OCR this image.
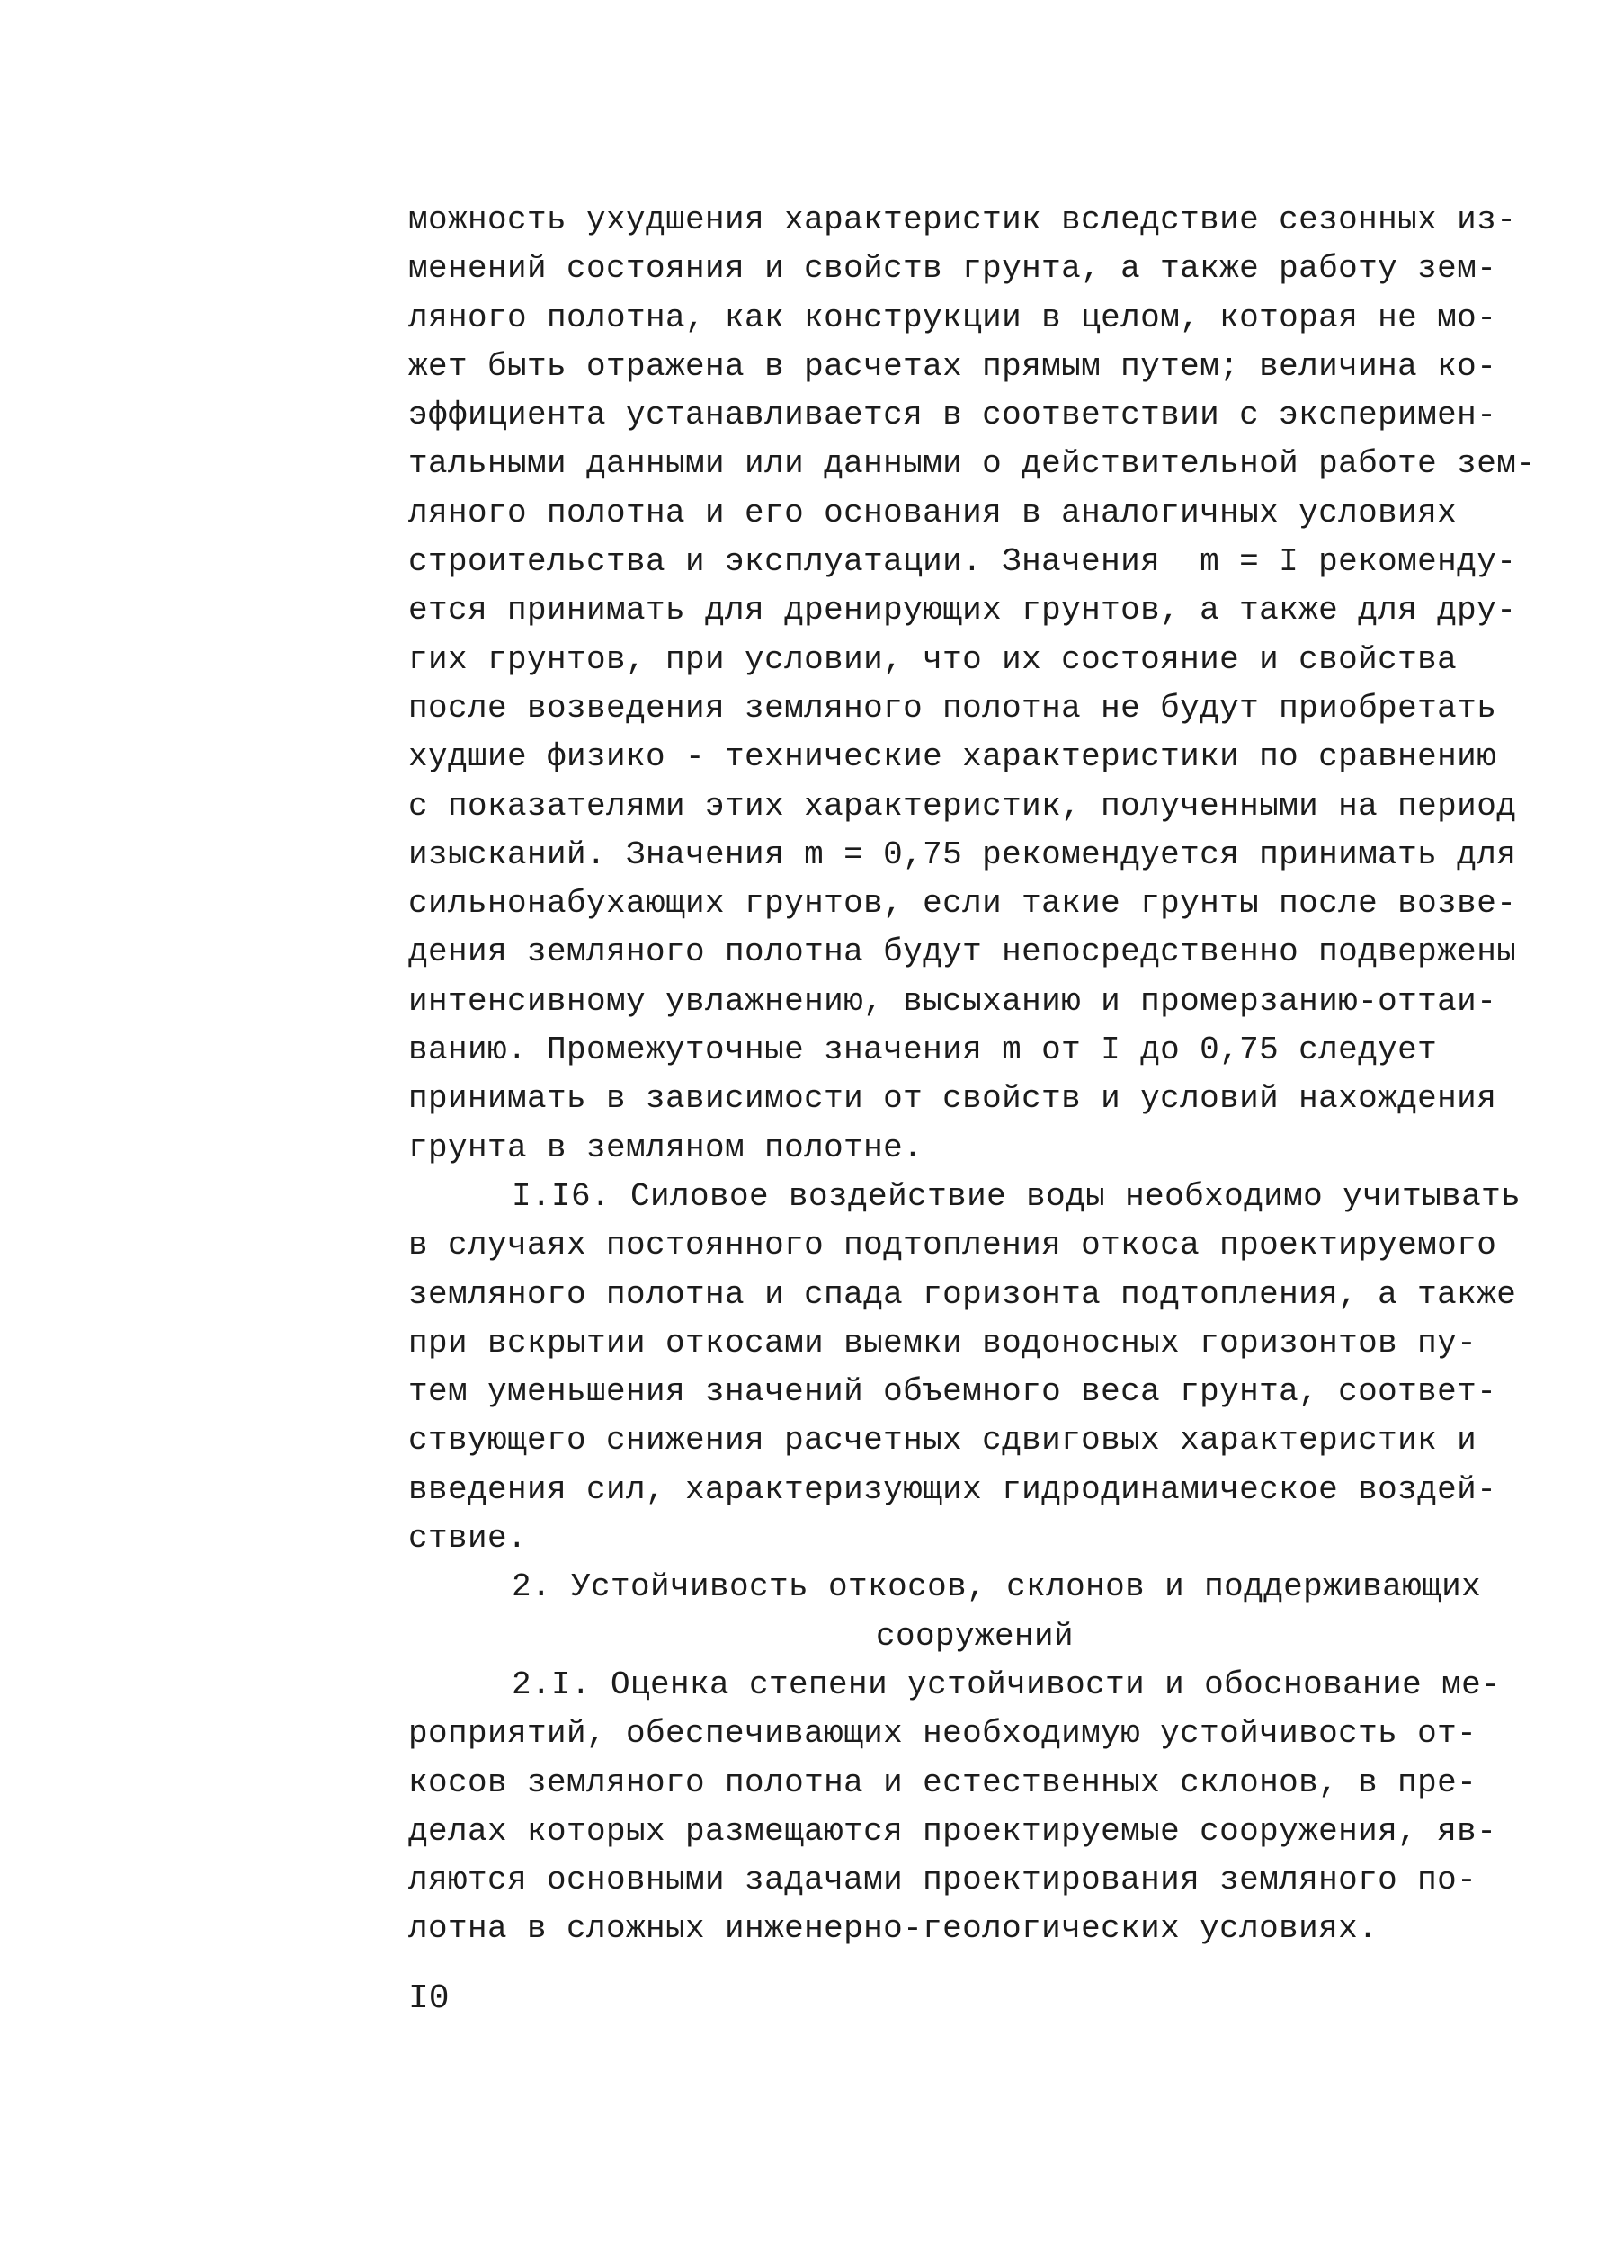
можность ухудшения характеристик вследствие сезонных из-
менений состояния и свойств грунта, а также работу зем-
ляного полотна, как конструкции в целом, которая не мо-
жет быть отражена в расчетах прямым путем; величина ко-
эффициента устанавливается в соответствии с эксперимен-
тальными данными или данными о действительной работе зем-
ляного полотна и его основания в аналогичных условиях
строительства и эксплуатации. Значения  m = I рекоменду-
ется принимать для дренирующих грунтов, а также для дру-
гих грунтов, при условии, что их состояние и свойства
после возведения земляного полотна не будут приобретать
худшие физико - технические характеристики по сравнению
с показателями этих характеристик, полученными на период
изысканий. Значения m = 0,75 рекомендуется принимать для
сильнонабухающих грунтов, если такие грунты после возве-
дения земляного полотна будут непосредственно подвержены
интенсивному увлажнению, высыханию и промерзанию-оттаи-
ванию. Промежуточные значения m от I до 0,75 следует
принимать в зависимости от свойств и условий нахождения
грунта в земляном полотне.
I.I6. Силовое воздействие воды необходимо учитывать
в случаях постоянного подтопления откоса проектируемого
земляного полотна и спада горизонта подтопления, а также
при вскрытии откосами выемки водоносных горизонтов пу-
тем уменьшения значений объемного веса грунта, соответ-
ствующего снижения расчетных сдвиговых характеристик и
введения сил, характеризующих гидродинамическое воздей-
ствие.
2. Устойчивость откосов, склонов и поддерживающих
сооружений
2.I. Оценка степени устойчивости и обоснование ме-
роприятий, обеспечивающих необходимую устойчивость от-
косов земляного полотна и естественных склонов, в пре-
делах которых размещаются проектируемые сооружения, яв-
ляются основными задачами проектирования земляного по-
лотна в сложных инженерно-геологических условиях.
I0
